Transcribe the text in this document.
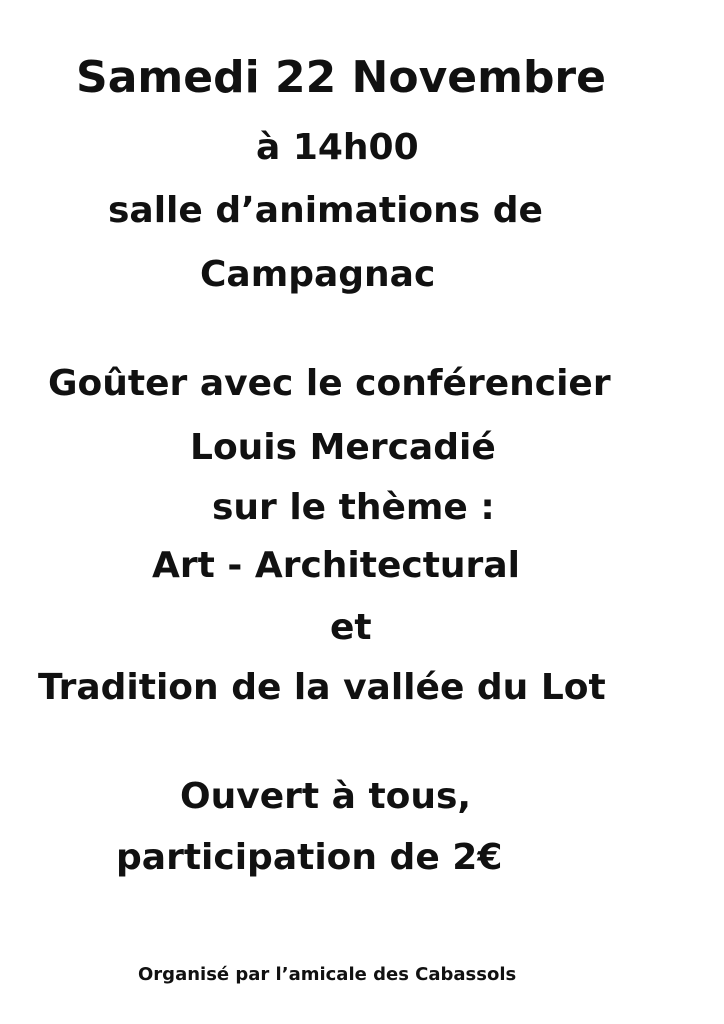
Samedi 22 Novembre
à 14h00
salle d’animations de
Campagnac
Goûter avec le conférencier
Louis Mercadié
sur le thème :
Art - Architectural
et
Tradition de la vallée du Lot
Ouvert à tous,
participation de 2€
Organisé par l’amicale des Cabassols
